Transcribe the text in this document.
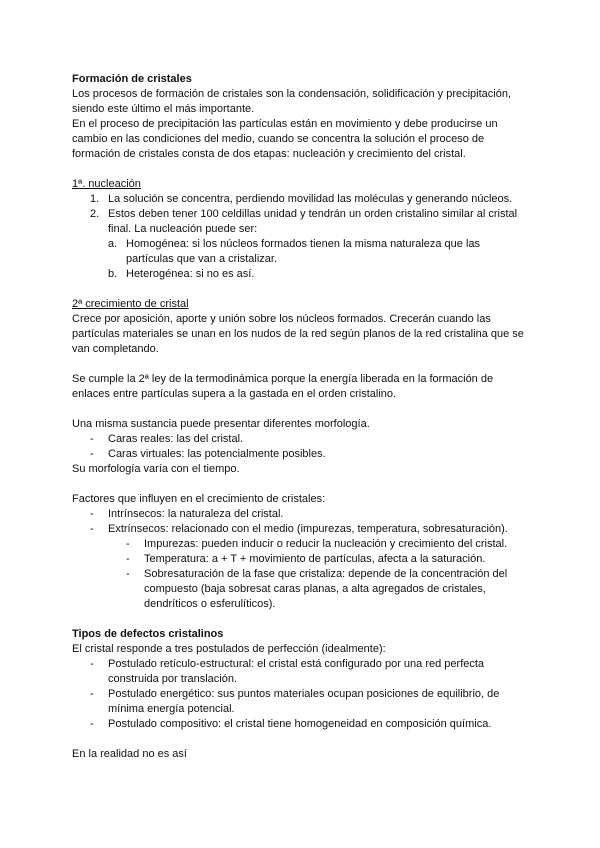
Formación de cristales

Los procesos de formación de cristales son la condensación, solidificación y precipitación, siendo este último el más importante.

En el proceso de precipitación las partículas están en movimiento y debe producirse un cambio en las condiciones del medio, cuando se concentra la solución el proceso de formación de cristales consta de dos etapas: nucleación y crecimiento del cristal.

1ª. nucleación

1. La solución se concentra, perdiendo movilidad las moléculas y generando núcleos.
2. Estos deben tener 100 celdillas unidad y tendrán un orden cristalino similar al cristal final. La nucleación puede ser:
a. Homogénea: si los núcleos formados tienen la misma naturaleza que las partículas que van a cristalizar.
b. Heterogénea: si no es así.

2ª crecimiento de cristal

Crece por aposición, aporte y unión sobre los núcleos formados. Crecerán cuando las partículas materiales se unan en los nudos de la red según planos de la red cristalina que se van completando.

Se cumple la 2ª ley de la termodinámica porque la energía liberada en la formación de enlaces entre partículas supera a la gastada en el orden cristalino.

Una misma sustancia puede presentar diferentes morfología.

-	Caras reales: las del cristal.
-	Caras virtuales: las potencialmente posibles.

Su morfología varía con el tiempo.

Factores que influyen en el crecimiento de cristales:

-	Intrínsecos: la naturaleza del cristal.
-	Extrínsecos: relacionado con el medio (impurezas, temperatura, sobresaturación).
-	Impurezas: pueden inducir o reducir la nucleación y crecimiento del cristal.
-	Temperatura: a + T + movimiento de partículas, afecta a la saturación.
-	Sobresaturación de la fase que cristaliza: depende de la concentración del compuesto (baja sobresat caras planas, a alta agregados de cristales, dendríticos o esferulíticos).

Tipos de defectos cristalinos

El cristal responde a tres postulados de perfección (idealmente):

-	Postulado retículo-estructural: el cristal está configurado por una red perfecta construida por translación.
-	Postulado energético: sus puntos materiales ocupan posiciones de equilibrio, de mínima energía potencial.
-	Postulado compositivo: el cristal tiene homogeneidad en composición química.

En la realidad no es así
